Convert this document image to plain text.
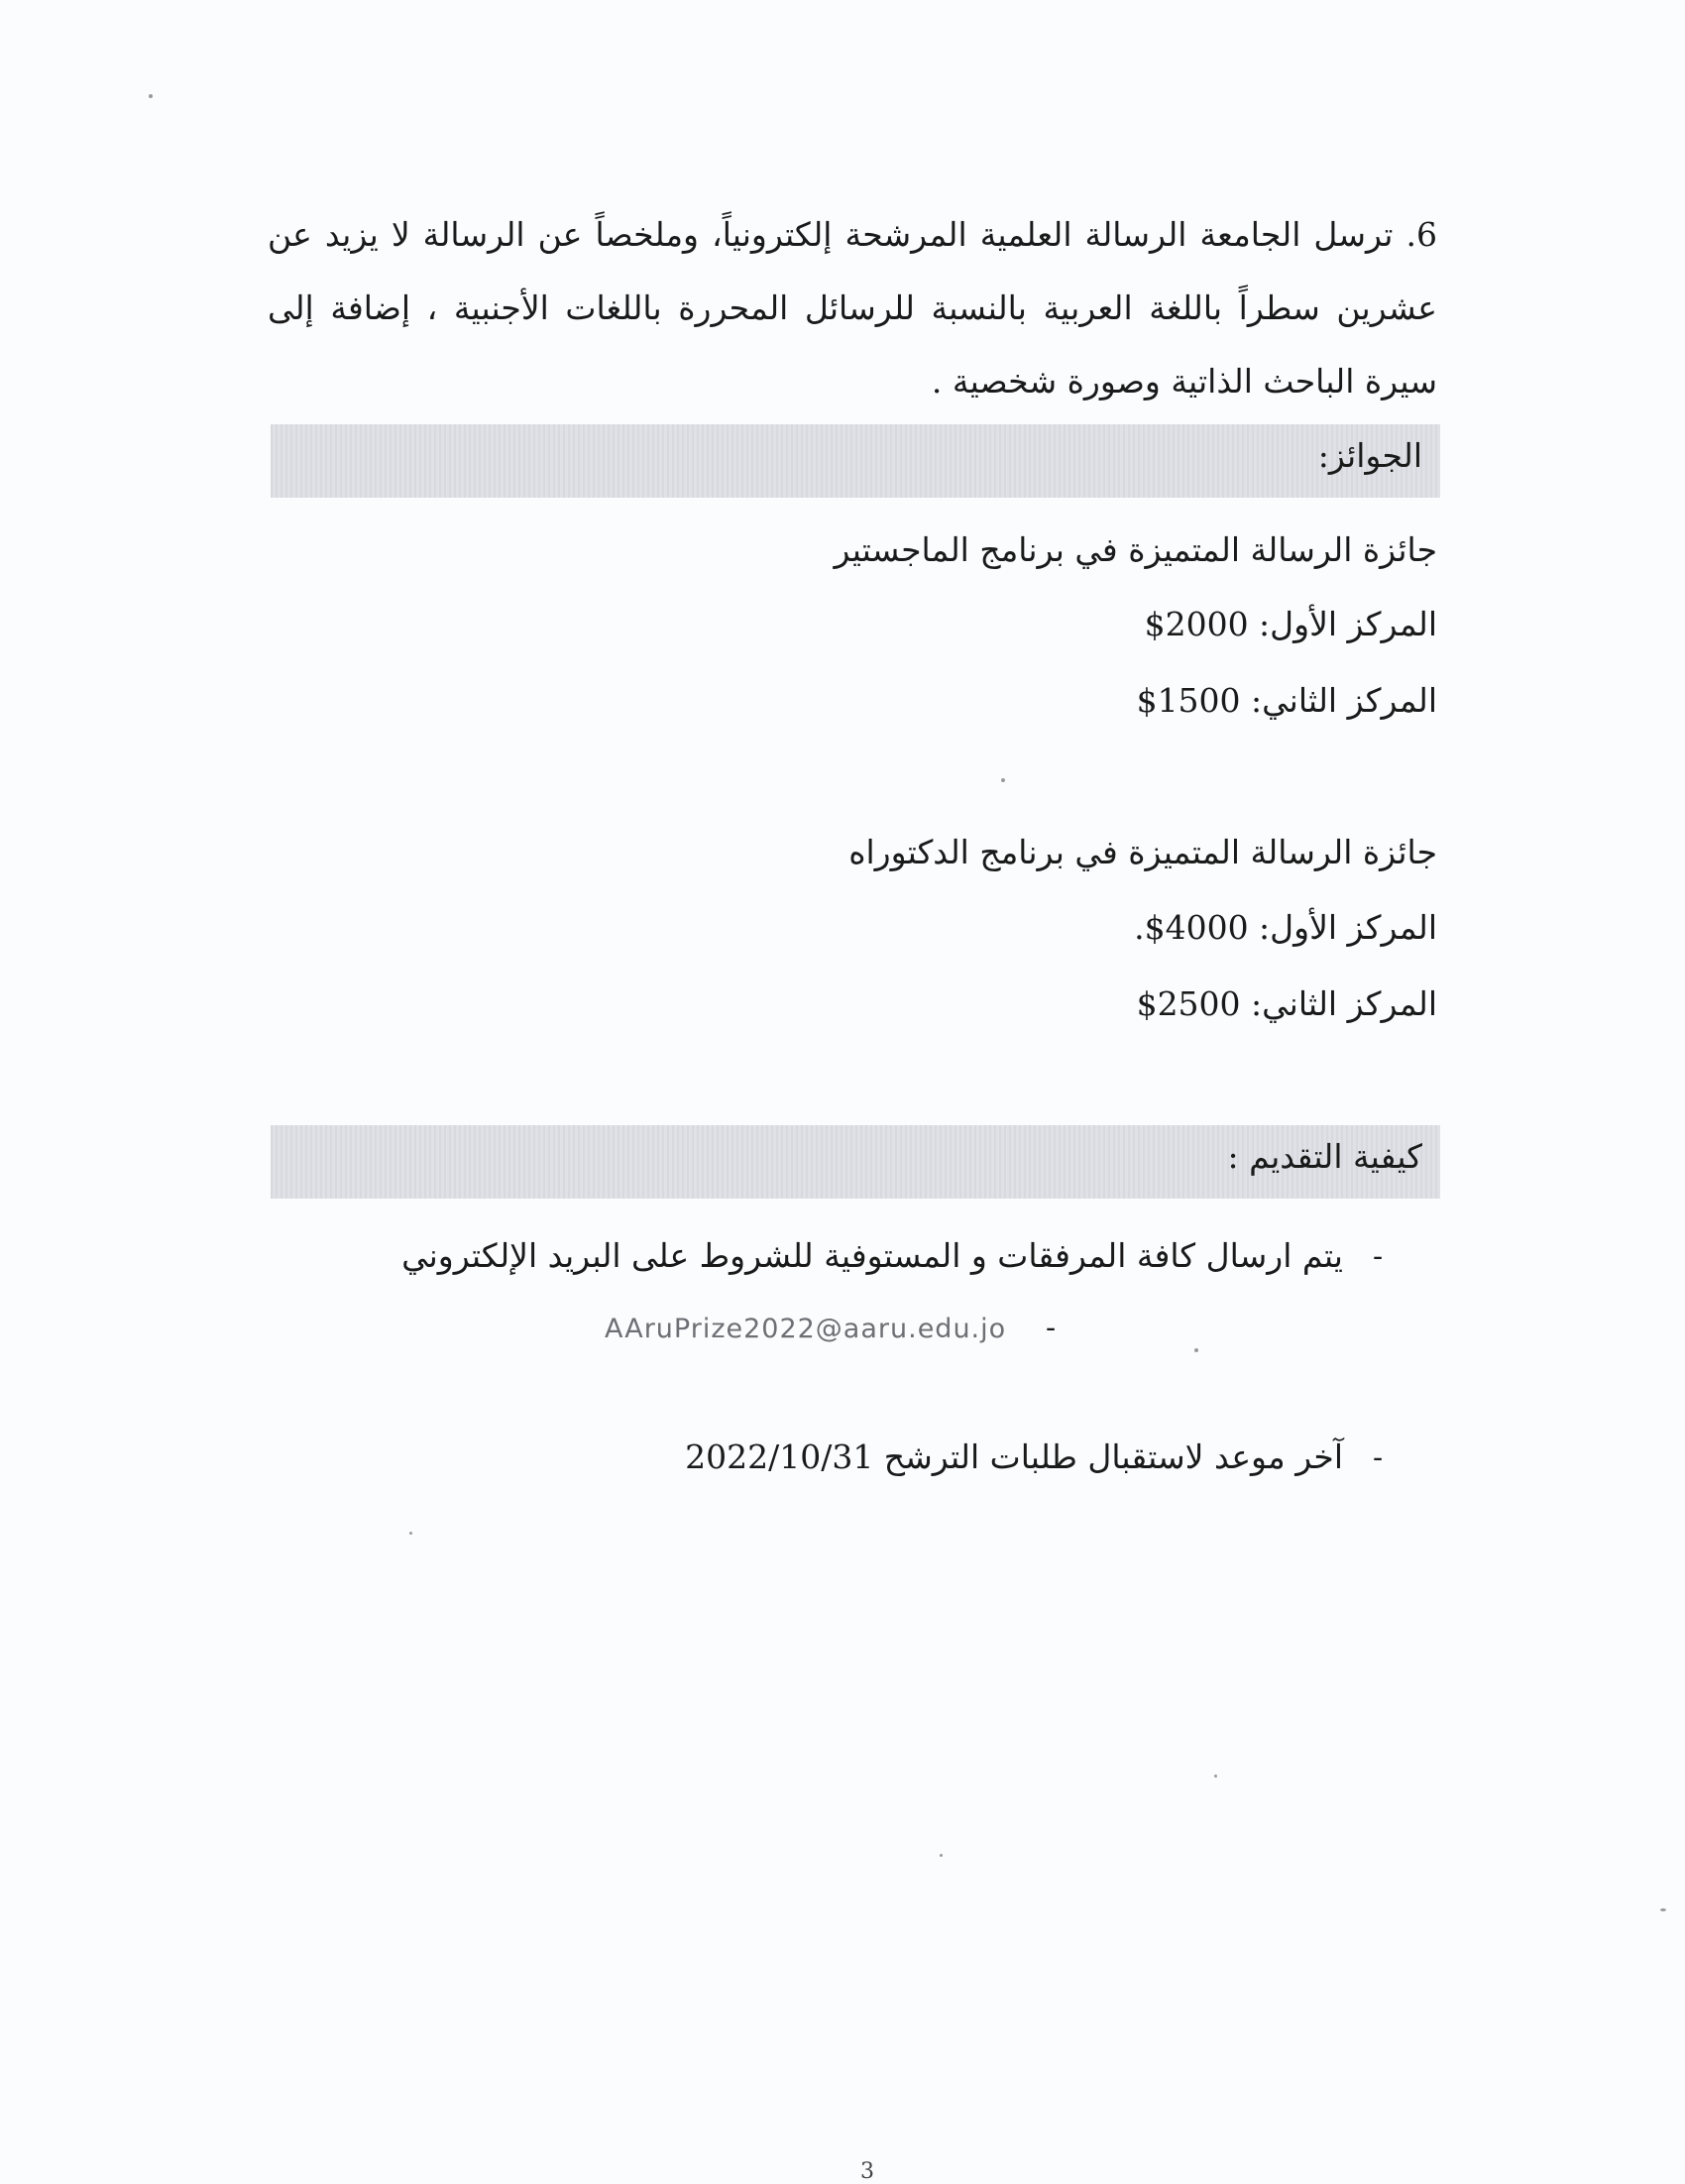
6. ترسل الجامعة الرسالة العلمية المرشحة إلكترونياً، وملخصاً عن الرسالة لا يزيد عن عشرين سطراً باللغة العربية بالنسبة للرسائل المحررة باللغات الأجنبية ، إضافة إلى سيرة الباحث الذاتية وصورة شخصية .
الجوائز:
جائزة الرسالة المتميزة في برنامج الماجستير
المركز الأول: 2000$
المركز الثاني: 1500$
جائزة الرسالة المتميزة في برنامج الدكتوراه
المركز الأول: 4000$.
المركز الثاني: 2500$
كيفية التقديم :
-
يتم ارسال كافة المرفقات و المستوفية للشروط على البريد الإلكتروني
-
AAruPrize2022@aaru.edu.jo
-
آخر موعد لاستقبال طلبات الترشح 2022/10/31
3
